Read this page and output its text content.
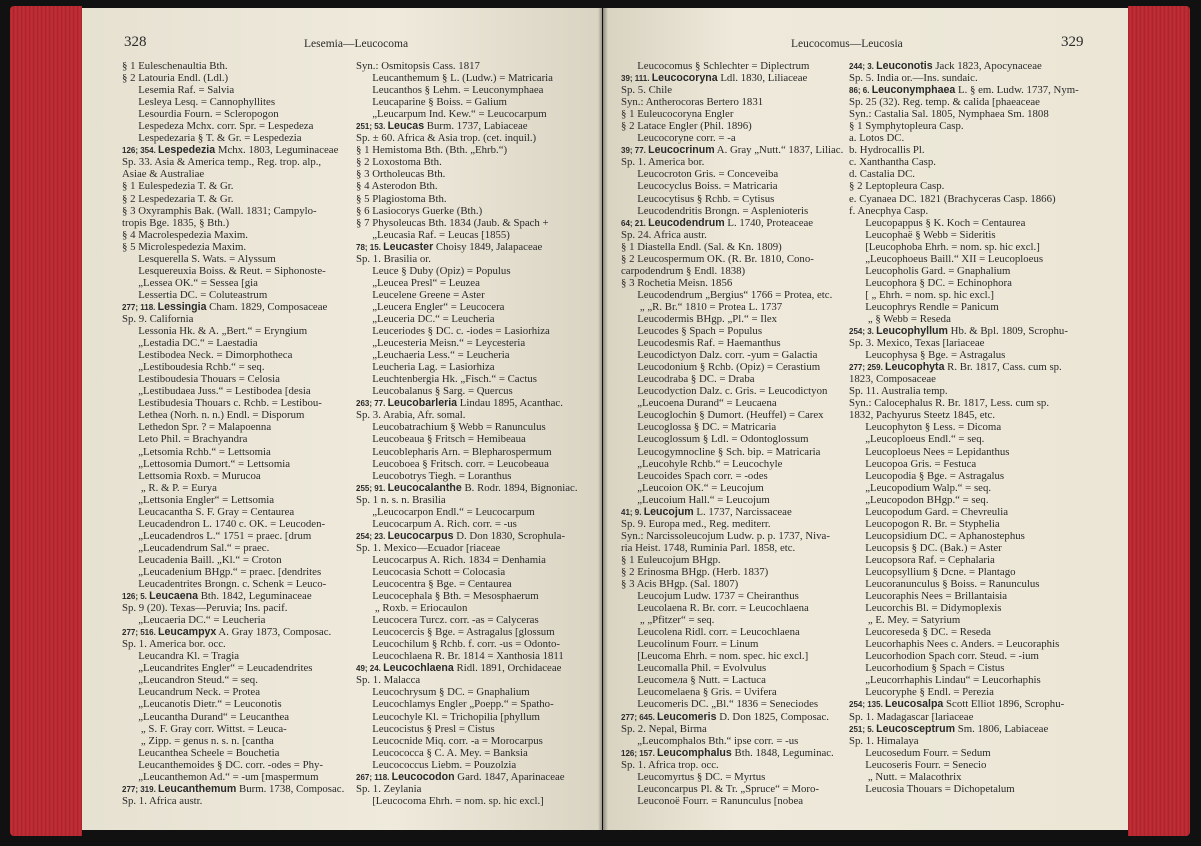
328	Lesemia—Leucocoma
§ 1 Euleschenaultia Bth.
§ 2 Latouria Endl. (Ldl.)
  Lesemia Raf. = Salvia
  Lesleya Lesq. = Cannophyllites
  Lesourdia Fourn. = Scleropogon
  Lespedeza Mchx. corr. Spr. = Lespedeza
  Lespedezaria § T. & Gr. = Lespedezia
126; 354. Lespedezia Mchx. 1803, Leguminaceae
Sp. 33. Asia & America temp., Reg. trop. alp.,
Asiae & Australiae
§ 1 Eulespedezia T. & Gr.
§ 2 Lespedezaria T. & Gr.
§ 3 Oxyramphis Bak. (Wall. 1831; Campylo-
tropis Bge. 1835, § Bth.)
§ 4 Macrolespedezia Maxim.
§ 5 Microlespedezia Maxim.
  Lesquerella S. Wats. = Alyssum
  Lesquereuxia Boiss. & Reut. = Siphonoste-
  „Lessea OK.“ = Sessea [gia
  Lessertia DC. = Coluteastrum
277; 118. Lessingia Cham. 1829, Composaceae
Sp. 9. California
  Lessonia Hk. & A. „Bert.“ = Eryngium
  „Lestadia DC.“ = Laestadia
  Lestibodea Neck. = Dimorphotheca
  „Lestiboudesia Rchb.“ = seq.
  Lestiboudesia Thouars = Celosia
  „Lestibudaea Juss.“ = Lestibodea [desia
  Lestibudesia Thouars c. Rchb. = Lestibou-
  Lethea (Norh. n. n.) Endl. = Disporum
  Lethedon Spr. ? = Malapoenna
  Leto Phil. = Brachyandra
  „Letsomia Rchb.“ = Lettsomia
  „Lettosomia Dumort.“ = Lettsomia
  Lettsomia Roxb. = Murucoa
   „ R. & P. = Eurya
  „Lettsonia Engler“ = Lettsomia
  Leucacantha S. F. Gray = Centaurea
  Leucadendron L. 1740 c. OK. = Leucoden-
  „Leucadendros L.“ 1751 = praec. [drum
  „Leucadendrum Sal.“ = praec.
  Leucadenia Baill. „Kl.“ = Croton
  „Leucadenium BHgp.“ = praec. [dendrites
  Leucadentrites Brongn. c. Schenk = Leuco-
126; 5. Leucaena Bth. 1842, Leguminaceae
Sp. 9 (20). Texas—Peruvia; Ins. pacif.
  „Leucaeria DC.“ = Leucheria
277; 516. Leucampyx A. Gray 1873, Composac.
Sp. 1. America bor. occ.
  Leucandra Kl. = Tragia
  „Leucandrites Engler“ = Leucadendrites
  „Leucandron Steud.“ = seq.
  Leucandrum Neck. = Protea
  „Leucanotis Dietr.“ = Leuconotis
  „Leucantha Durand“ = Leucanthea
   „ S. F. Gray corr. Wittst. = Leuca-
   „ Zipp. = genus n. s. n. [cantha
  Leucanthea Scheele = Bouchetia
  Leucanthemoides § DC. corr. -odes = Phy-
  „Leucanthemon Ad.“ = -um [maspermum
277; 319. Leucanthemum Burm. 1738, Composac.
Sp. 1. Africa austr.
Syn.: Osmitopsis Cass. 1817
  Leucanthemum § L. (Ludw.) = Matricaria
  Leucanthos § Lehm. = Leuconymphaea
  Leucaparine § Boiss. = Galium
  „Leucarpum Ind. Kew.“ = Leucocarpum
251; 53. Leucas Burm. 1737, Labiaceae
Sp. ± 60. Africa & Asia trop. (cet. inquil.)
§ 1 Hemistoma Bth. (Bth. „Ehrb.“)
§ 2 Loxostoma Bth.
§ 3 Ortholeucas Bth.
§ 4 Asterodon Bth.
§ 5 Plagiostoma Bth.
§ 6 Lasiocorys Guerke (Bth.)
§ 7 Physoleucas Bth. 1834 (Jaub. & Spach +
  „Leucasia Raf. = Leucas [1855)
78; 15. Leucaster Choisy 1849, Jalapaceae
Sp. 1. Brasilia or.
  Leuce § Duby (Opiz) = Populus
  „Leucea Presl“ = Leuzea
  Leucelene Greene = Aster
  „Leucera Engler“ = Leucocera
  „Leuceria DC.“ = Leucheria
  Leuceriodes § DC. c. -iodes = Lasiorhiza
  „Leucesteria Meisn.“ = Leycesteria
  „Leuchaeria Less.“ = Leucheria
  Leucheria Lag. = Lasiorhiza
  Leuchtenbergia Hk. „Fisch.“ = Cactus
  Leucobalanus § Sarg. = Quercus
263; 77. Leucobarleria Lindau 1895, Acanthac.
Sp. 3. Arabia, Afr. somal.
  Leucobatrachium § Webb = Ranunculus
  Leucobeaua § Fritsch = Hemibeaua
  Leucoblepharis Arn. = Blepharospermum
  Leucoboea § Fritsch. corr. = Leucobeaua
  Leucobotrys Tiegh. = Loranthus
255; 91. Leucocalanthe B. Rodr. 1894, Bignoniac.
Sp. 1 n. s. n. Brasilia
  „Leucocarpon Endl.“ = Leucocarpum
  Leucocarpum A. Rich. corr. = -us
254; 23. Leucocarpus D. Don 1830, Scrophula-
Sp. 1. Mexico—Ecuador [riaceae
  Leucocarpus A. Rich. 1834 = Denhamia
  Leucocasia Schott = Colocasia
  Leucocentra § Bge. = Centaurea
  Leucocephala § Bth. = Mesosphaerum
   „ Roxb. = Eriocaulon
  Leucocera Turcz. corr. -as = Calyceras
  Leucocercis § Bge. = Astragalus [glossum
  Leucochilum § Rchb. f. corr. -us = Odonto-
  Leucochlaena R. Br. 1814 = Xanthosia 1811
49; 24. Leucochlaena Ridl. 1891, Orchidaceae
Sp. 1. Malacca
  Leucochrysum § DC. = Gnaphalium
  Leucochlamys Engler „Poepp.“ = Spatho-
  Leucochyle Kl. = Trichopilia [phyllum
  Leucocistus § Presl = Cistus
  Leucocnide Miq. corr. -a = Morocarpus
  Leucococca § C. A. Mey. = Banksia
  Leucococcus Liebm. = Pouzolzia
267; 118. Leucocodon Gard. 1847, Aparinaceae
Sp. 1. Zeylania
  [Leucocoma Ehrh. = nom. sp. hic excl.]
Leucocomus—Leucosia	329
  Leucocomus § Schlechter = Diplectrum
39; 111. Leucocoryna Ldl. 1830, Liliaceae
Sp. 5. Chile
Syn.: Antherocoras Bertero 1831
§ 1 Euleucocoryna Engler
§ 2 Latace Engler (Phil. 1896)
  Leucocoryne corr. = -a
39; 77. Leucocrinum A. Gray „Nutt.“ 1837, Liliac.
Sp. 1. America bor.
  Leucocroton Gris. = Conceveiba
  Leucocyclus Boiss. = Matricaria
  Leucocytisus § Rchb. = Cytisus
  Leucodendritis Brongn. = Asplenioteris
64; 21. Leucodendrum L. 1740, Proteaceae
Sp. 24. Africa austr.
§ 1 Diastella Endl. (Sal. & Kn. 1809)
§ 2 Leucospermum OK. (R. Br. 1810, Cono-
carpodendrum § Endl. 1838)
§ 3 Rochetia Meisn. 1856
  Leucodendrum „Bergius“ 1766 = Protea, etc.
   „ „R. Br.“ 1810 = Protea L. 1737
  Leucodermis BHgp. „Pl.“ = Ilex
  Leucodes § Spach = Populus
  Leucodesmis Raf. = Haemanthus
  Leucodictyon Dalz. corr. -yum = Galactia
  Leucodonium § Rchb. (Opiz) = Cerastium
  Leucodraba § DC. = Draba
  Leucodyction Dalz. c. Gris. = Leucodictyon
  „Leucoena Durand“ = Leucaena
  Leucoglochin § Dumort. (Heuffel) = Carex
  Leucoglossa § DC. = Matricaria
  Leucoglossum § Ldl. = Odontoglossum
  Leucogymnocline § Sch. bip. = Matricaria
  „Leucohyle Rchb.“ = Leucochyle
  Leucoides Spach corr. = -odes
  „Leucoion OK.“ = Leucojum
  „Leucoium Hall.“ = Leucojum
41; 9. Leucojum L. 1737, Narcissaceae
Sp. 9. Europa med., Reg. mediterr.
Syn.: Narcissoleucojum Ludw. p. p. 1737, Niva-
ria Heist. 1748, Ruminia Parl. 1858, etc.
§ 1 Euleucojum BHgp.
§ 2 Erinosma BHgp. (Herb. 1837)
§ 3 Acis BHgp. (Sal. 1807)
  Leucojum Ludw. 1737 = Cheiranthus
  Leucolaena R. Br. corr. = Leucochlaena
   „ „Pfitzer“ = seq.
  Leucolena Ridl. corr. = Leucochlaena
  Leucolinum Fourr. = Linum
  [Leucoma Ehrh. = nom. spec. hic excl.]
  Leucomalla Phil. = Evolvulus
  Leucomeла § Nutt. = Lactuca
  Leucomelaena § Gris. = Uvifera
  Leucomeris DC. „Bl.“ 1836 = Seneciodes
277; 645. Leucomeris D. Don 1825, Composac.
Sp. 2. Nepal, Birma
  „Leucomphalos Bth.“ ipse corr. = -us
126; 157. Leucomphalus Bth. 1848, Leguminac.
Sp. 1. Africa trop. occ.
  Leucomyrtus § DC. = Myrtus
  Leuconcarpus Pl. & Tr. „Spruce“ = Moro-
  Leuconoë Fourr. = Ranunculus [nobea
244; 3. Leuconotis Jack 1823, Apocynaceae
Sp. 5. India or.—Ins. sundaic.
86; 6. Leuconymphaea L. § em. Ludw. 1737, Nym-
Sp. 25 (32). Reg. temp. & calida [phaeaceae
Syn.: Castalia Sal. 1805, Nymphaea Sm. 1808
§ 1 Symphytopleura Casp.
a. Lotos DC.
b. Hydrocallis Pl.
c. Xanthantha Casp.
d. Castalia DC.
§ 2 Leptopleura Casp.
e. Cyanaea DC. 1821 (Brachyceras Casp. 1866)
f. Anecphya Casp.
  Leucopappus § K. Koch = Centaurea
  Leucophaë § Webb = Sideritis
  [Leucophoba Ehrh. = nom. sp. hic excl.]
  „Leucophoeus Baill.“ XII = Leucoploeus
  Leucopholis Gard. = Gnaphalium
  Leucophora § DC. = Echinophora
  [ „ Ehrh. = nom. sp. hic excl.]
  Leucophrys Rendle = Panicum
   „ § Webb = Reseda
254; 3. Leucophyllum Hb. & Bpl. 1809, Scrophu-
Sp. 3. Mexico, Texas [lariaceae
  Leucophysa § Bge. = Astragalus
277; 259. Leucophyta R. Br. 1817, Cass. cum sp.
1823, Composaceae
Sp. 11. Australia temp.
Syn.: Calocephalus R. Br. 1817, Less. cum sp.
1832, Pachyurus Steetz 1845, etc.
  Leucophyton § Less. = Dicoma
  „Leucoploeus Endl.“ = seq.
  Leucoploeus Nees = Lepidanthus
  Leucopoa Gris. = Festuca
  Leucopodia § Bge. = Astragalus
  „Leucopodium Walp.“ = seq.
  „Leucopodon BHgp.“ = seq.
  Leucopodum Gard. = Chevreulia
  Leucopogon R. Br. = Styphelia
  Leucopsidium DC. = Aphanostephus
  Leucopsis § DC. (Bak.) = Aster
  Leucopsora Raf. = Cephalaria
  Leucopsyllium § Dcne. = Plantago
  Leucoranunculus § Boiss. = Ranunculus
  Leucoraphis Nees = Brillantaisia
  Leucorchis Bl. = Didymoplexis
   „ E. Mey. = Satyrium
  Leucoreseda § DC. = Reseda
  Leucorhaphis Nees c. Anders. = Leucoraphis
  Leucorhodion Spach corr. Steud. = -ium
  Leucorhodium § Spach = Cistus
  „Leucorrhaphis Lindau“ = Leucorhaphis
  Leucoryphe § Endl. = Perezia
254; 135. Leucosalpa Scott Elliot 1896, Scrophu-
Sp. 1. Madagascar [lariaceae
251; 5. Leucosceptrum Sm. 1806, Labiaceae
Sp. 1. Himalaya
  Leucosedum Fourr. = Sedum
  Leucoseris Fourr. = Senecio
   „ Nutt. = Malacothrix
  Leucosia Thouars = Dichopetalum
